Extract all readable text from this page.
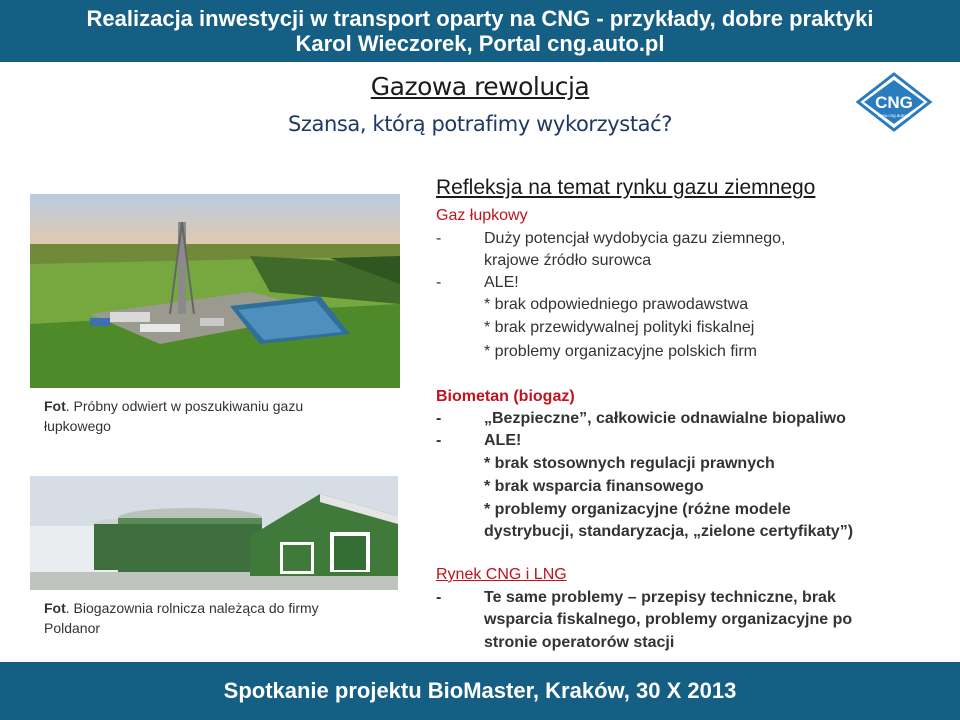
Realizacja inwestycji w transport oparty na CNG - przykłady, dobre praktyki
Karol Wieczorek, Portal cng.auto.pl
Gazowa rewolucja
Szansa, którą potrafimy wykorzystać?
CNG
www.cng.auto.pl
Fot. Próbny odwiert w poszukiwaniu gazu łupkowego
Fot. Biogazownia rolnicza należąca do firmy Poldanor
Refleksja na temat rynku gazu ziemnego
Gaz łupkowy
-	Duży potencjał wydobycia gazu ziemnego,
krajowe źródło surowca
-	ALE!
* brak odpowiedniego prawodawstwa
* brak przewidywalnej polityki fiskalnej
* problemy organizacyjne polskich firm
Biometan (biogaz)
-	„Bezpieczne”, całkowicie odnawialne biopaliwo
-	ALE!
* brak stosownych regulacji prawnych
* brak wsparcia finansowego
* problemy organizacyjne (różne modele
dystrybucji, standaryzacja, „zielone certyfikaty”)
Rynek CNG i LNG
-	Te same problemy – przepisy techniczne, brak
wsparcia fiskalnego, problemy organizacyjne po
stronie operatorów stacji
Spotkanie projektu BioMaster, Kraków, 30 X 2013
